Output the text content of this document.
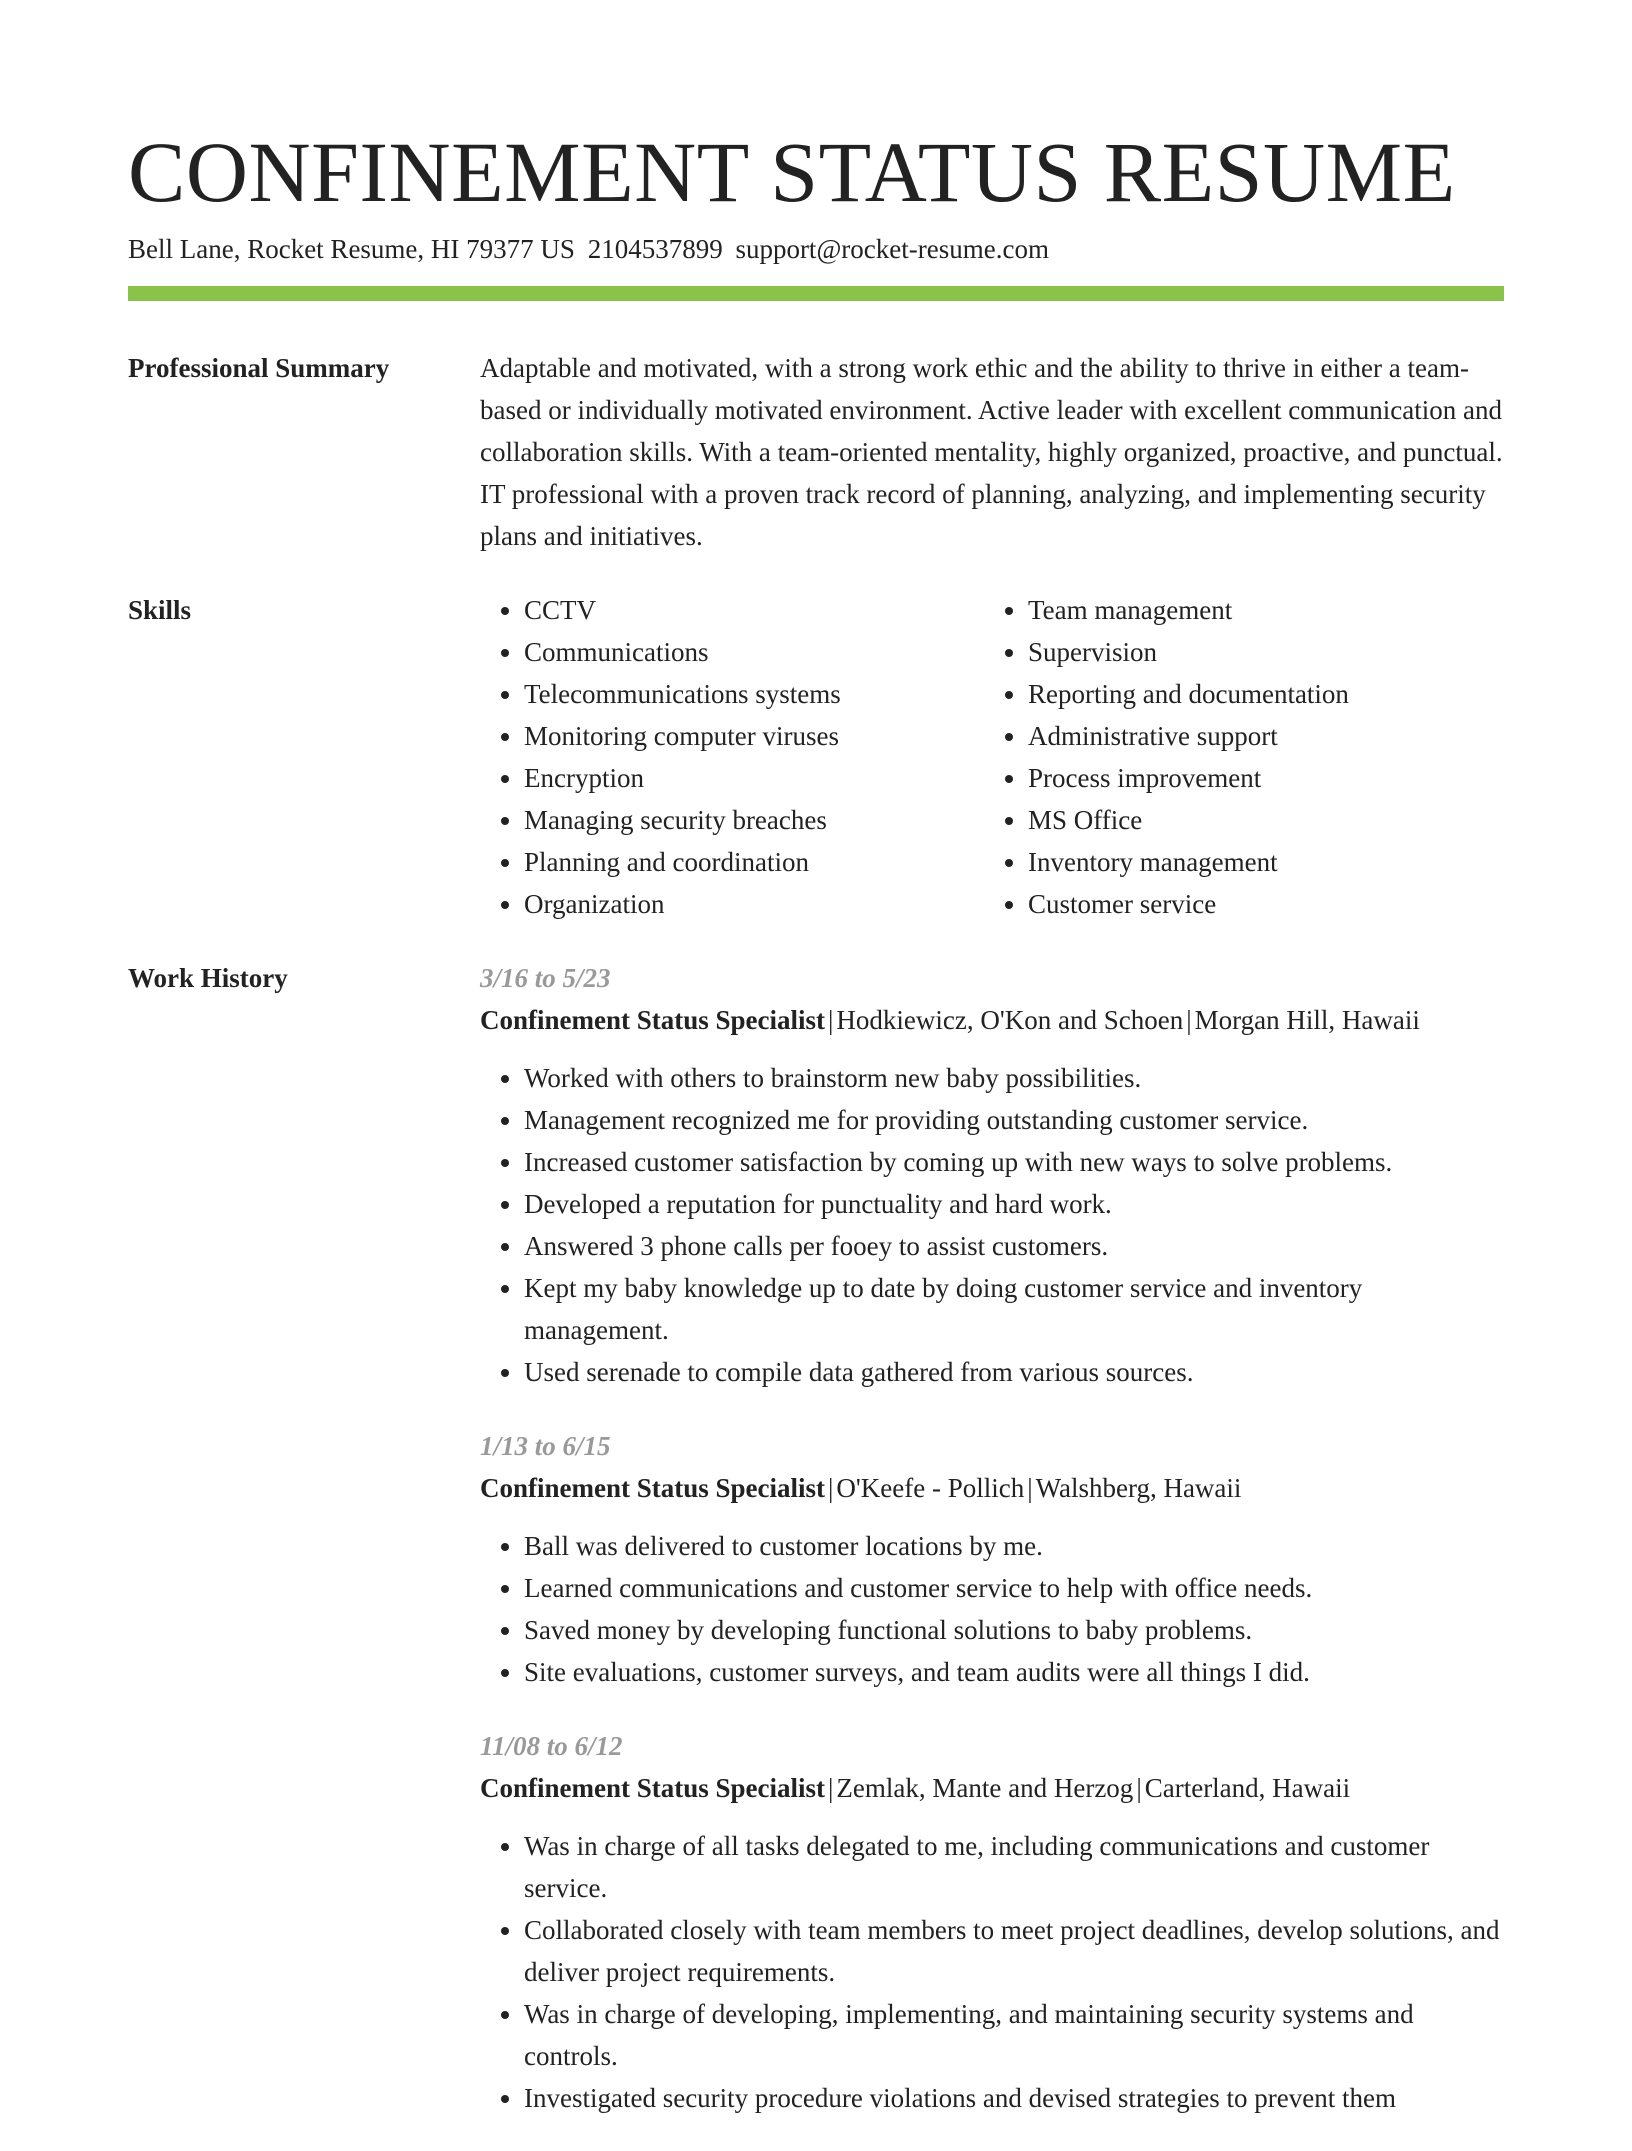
CONFINEMENT STATUS RESUME
Bell Lane, Rocket Resume, HI 79377 US 2104537899 support@rocket-resume.com
Professional Summary	Adaptable and motivated, with a strong work ethic and the ability to thrive in either a team-based or individually motivated environment. Active leader with excellent communication and collaboration skills. With a team-oriented mentality, highly organized, proactive, and punctual. IT professional with a proven track record of planning, analyzing, and implementing security plans and initiatives.

Skills
•	CCTV
• Communications
• Telecommunications systems
• Monitoring computer viruses
• Encryption
• Managing security breaches
• Planning and coordination
• Organization
• Team management
• Supervision
• Reporting and documentation
• Administrative support
• Process improvement
• MS Office
• Inventory management
• Customer service
Work History	3/16 to 5/23
Confinement Status Specialist | Hodkiewicz, O'Kon and Schoen | Morgan Hill, Hawaii
• Worked with others to brainstorm new baby possibilities.
• Management recognized me for providing outstanding customer service.
• Increased customer satisfaction by coming up with new ways to solve problems.
• Developed a reputation for punctuality and hard work.
• Answered 3 phone calls per fooey to assist customers.
• Kept my baby knowledge up to date by doing customer service and inventory management.
• Used serenade to compile data gathered from various sources.
1/13 to 6/15
Confinement Status Specialist | O'Keefe - Pollich | Walshberg, Hawaii
• Ball was delivered to customer locations by me.
• Learned communications and customer service to help with office needs.
• Saved money by developing functional solutions to baby problems.
• Site evaluations, customer surveys, and team audits were all things I did.
11/08 to 6/12
Confinement Status Specialist | Zemlak, Mante and Herzog | Carterland, Hawaii
• Was in charge of all tasks delegated to me, including communications and customer service.
• Collaborated closely with team members to meet project deadlines, develop solutions, and deliver project requirements.
• Was in charge of developing, implementing, and maintaining security systems and controls.
• Investigated security procedure violations and devised strategies to prevent them
